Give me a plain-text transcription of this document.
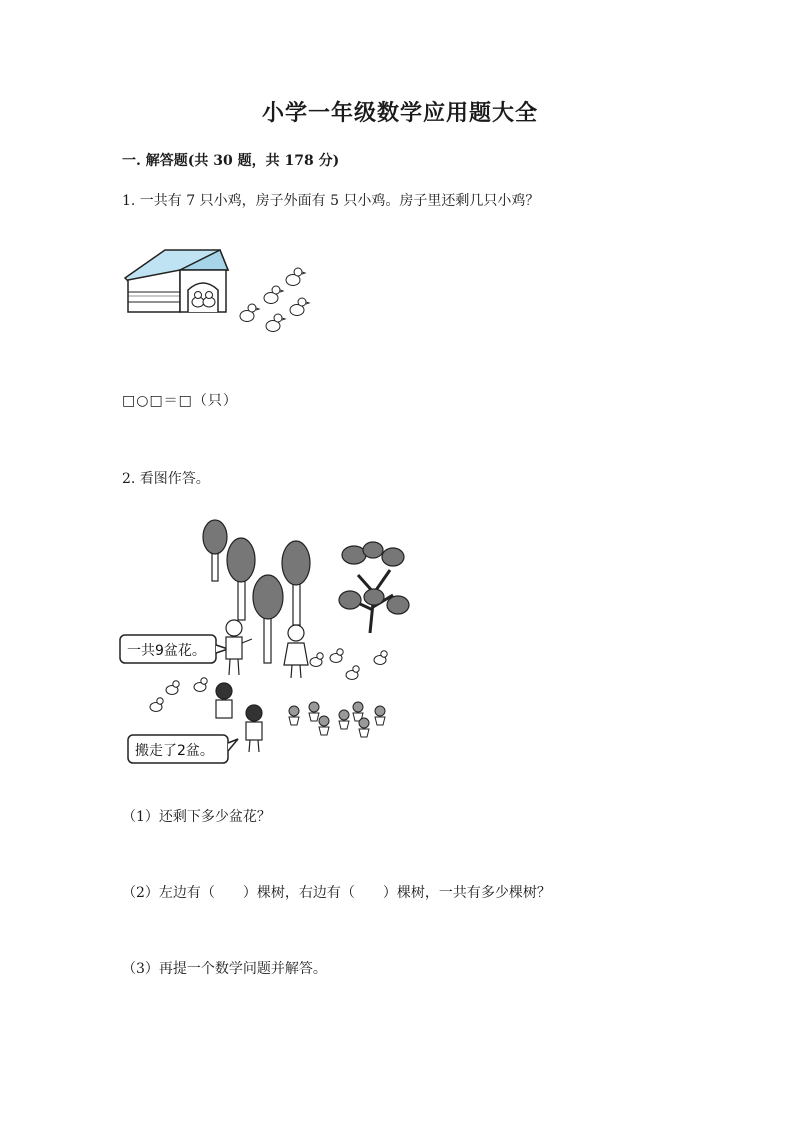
小学一年级数学应用题大全
一. 解答题(共 30 题，共 178 分)
1. 一共有 7 只小鸡，房子外面有 5 只小鸡。房子里还剩几只小鸡？
□○□＝□（只）
2. 看图作答。
一共9盆花。
搬走了2盆。
（1）还剩下多少盆花？
（2）左边有（　　）棵树，右边有（　　）棵树，一共有多少棵树？
（3）再提一个数学问题并解答。
